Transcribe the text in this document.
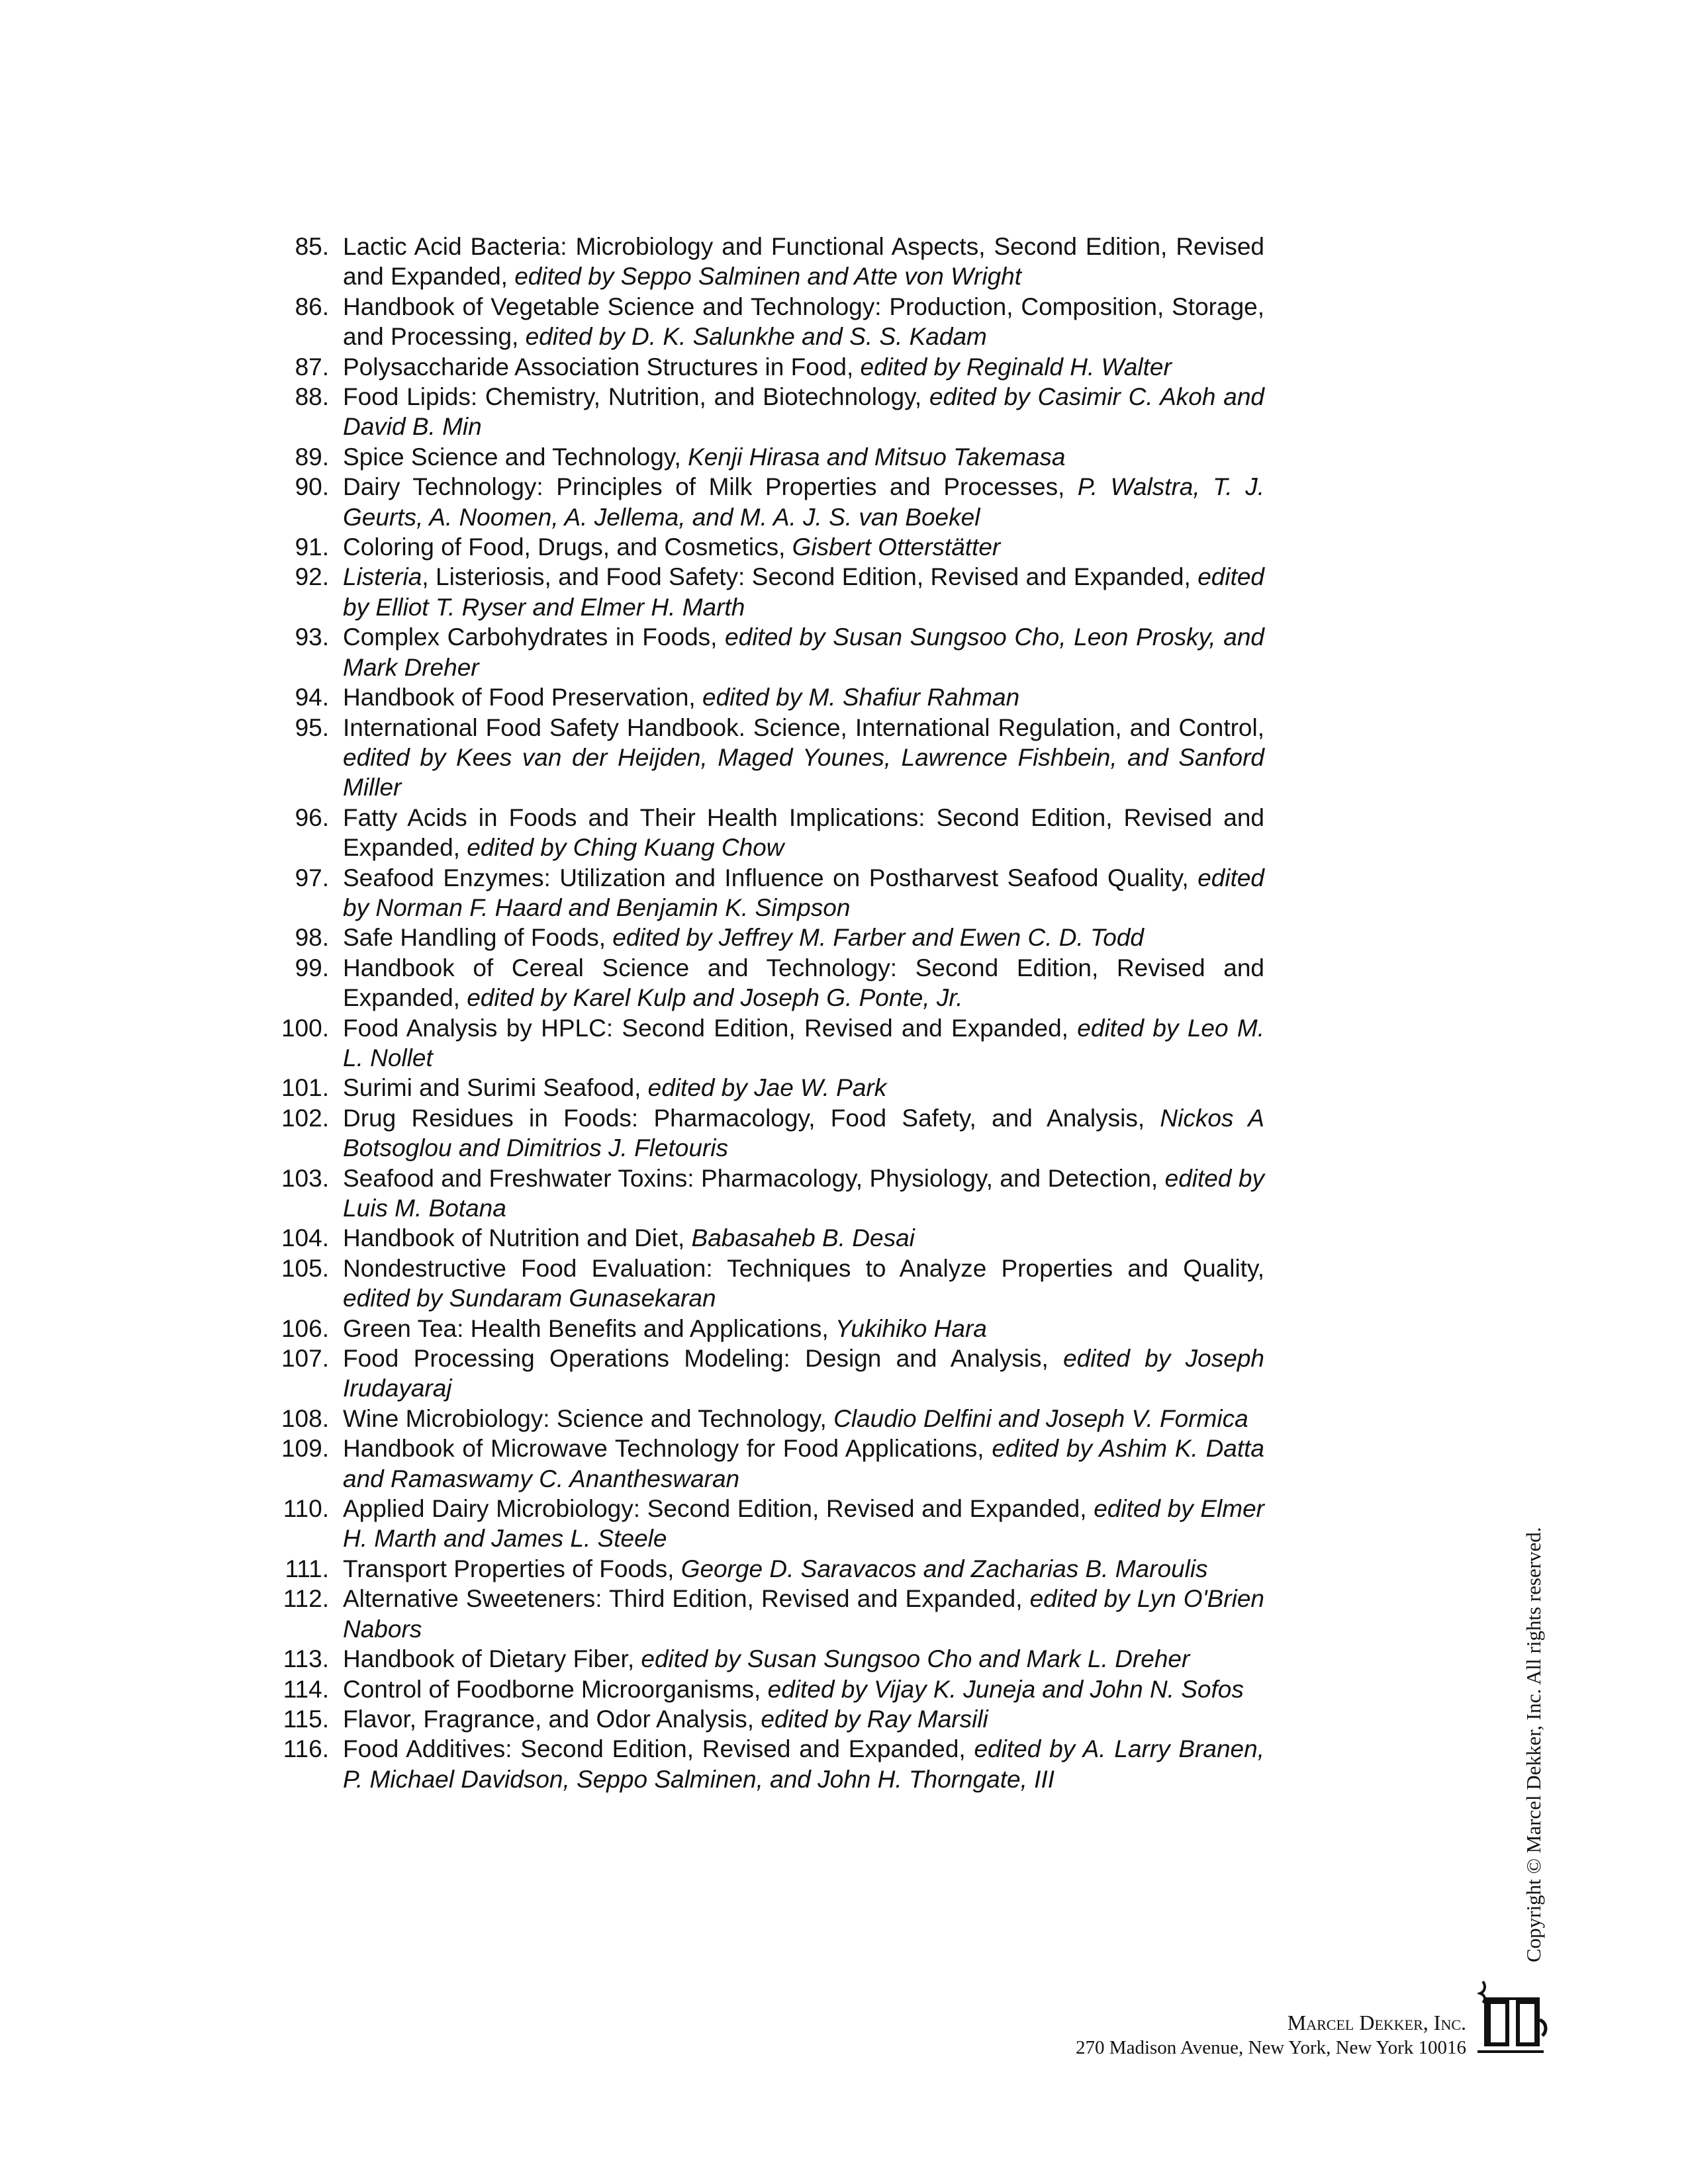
85. Lactic Acid Bacteria: Microbiology and Functional Aspects, Second Edition, Revised and Expanded, edited by Seppo Salminen and Atte von Wright
86. Handbook of Vegetable Science and Technology: Production, Composition, Storage, and Processing, edited by D. K. Salunkhe and S. S. Kadam
87. Polysaccharide Association Structures in Food, edited by Reginald H. Walter
88. Food Lipids: Chemistry, Nutrition, and Biotechnology, edited by Casimir C. Akoh and David B. Min
89. Spice Science and Technology, Kenji Hirasa and Mitsuo Takemasa
90. Dairy Technology: Principles of Milk Properties and Processes, P. Walstra, T. J. Geurts, A. Noomen, A. Jellema, and M. A. J. S. van Boekel
91. Coloring of Food, Drugs, and Cosmetics, Gisbert Otterstätter
92. Listeria, Listeriosis, and Food Safety: Second Edition, Revised and Expanded, edited by Elliot T. Ryser and Elmer H. Marth
93. Complex Carbohydrates in Foods, edited by Susan Sungsoo Cho, Leon Prosky, and Mark Dreher
94. Handbook of Food Preservation, edited by M. Shafiur Rahman
95. International Food Safety Handbook. Science, International Regulation, and Control, edited by Kees van der Heijden, Maged Younes, Lawrence Fishbein, and Sanford Miller
96. Fatty Acids in Foods and Their Health Implications: Second Edition, Revised and Expanded, edited by Ching Kuang Chow
97. Seafood Enzymes: Utilization and Influence on Postharvest Seafood Quality, edited by Norman F. Haard and Benjamin K. Simpson
98. Safe Handling of Foods, edited by Jeffrey M. Farber and Ewen C. D. Todd
99. Handbook of Cereal Science and Technology: Second Edition, Revised and Expanded, edited by Karel Kulp and Joseph G. Ponte, Jr.
100. Food Analysis by HPLC: Second Edition, Revised and Expanded, edited by Leo M. L. Nollet
101. Surimi and Surimi Seafood, edited by Jae W. Park
102. Drug Residues in Foods: Pharmacology, Food Safety, and Analysis, Nickos A Botsoglou and Dimitrios J. Fletouris
103. Seafood and Freshwater Toxins: Pharmacology, Physiology, and Detection, edited by Luis M. Botana
104. Handbook of Nutrition and Diet, Babasaheb B. Desai
105. Nondestructive Food Evaluation: Techniques to Analyze Properties and Quality, edited by Sundaram Gunasekaran
106. Green Tea: Health Benefits and Applications, Yukihiko Hara
107. Food Processing Operations Modeling: Design and Analysis, edited by Joseph Irudayaraj
108. Wine Microbiology: Science and Technology, Claudio Delfini and Joseph V. Formica
109. Handbook of Microwave Technology for Food Applications, edited by Ashim K. Datta and Ramaswamy C. Anantheswaran
110. Applied Dairy Microbiology: Second Edition, Revised and Expanded, edited by Elmer H. Marth and James L. Steele
111. Transport Properties of Foods, George D. Saravacos and Zacharias B. Maroulis
112. Alternative Sweeteners: Third Edition, Revised and Expanded, edited by Lyn O'Brien Nabors
113. Handbook of Dietary Fiber, edited by Susan Sungsoo Cho and Mark L. Dreher
114. Control of Foodborne Microorganisms, edited by Vijay K. Juneja and John N. Sofos
115. Flavor, Fragrance, and Odor Analysis, edited by Ray Marsili
116. Food Additives: Second Edition, Revised and Expanded, edited by A. Larry Branen, P. Michael Davidson, Seppo Salminen, and John H. Thorngate, III	Copyright © Marcel Dekker, Inc. All rights reserved.
Marcel Dekker, Inc.
270 Madison Avenue, New York, New York 10016
